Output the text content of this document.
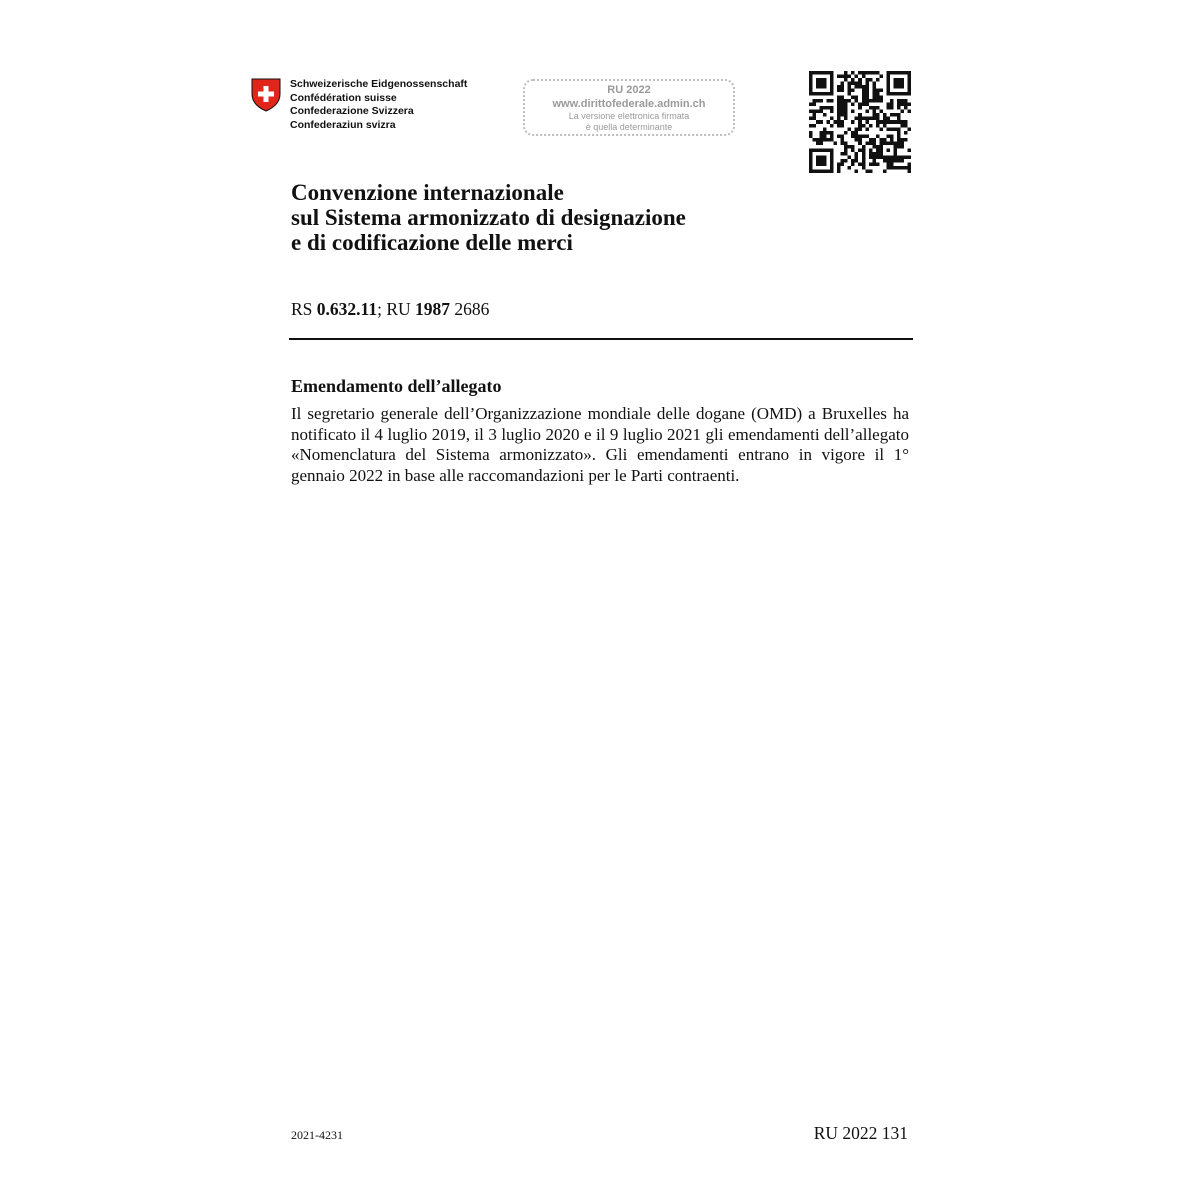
Schweizerische Eidgenossenschaft
Confédération suisse
Confederazione Svizzera
Confederaziun svizra
RU 2022
www.dirittofederale.admin.ch
La versione elettronica firmata
è quella determinante
Convenzione internazionale
sul Sistema armonizzato di designazione
e di codificazione delle merci
RS 0.632.11; RU 1987 2686
Emendamento dell’allegato

Il segretario generale dell’Organizzazione mondiale delle dogane (OMD) a Bruxelles ha notificato il 4 luglio 2019, il 3 luglio 2020 e il 9 luglio 2021 gli emendamenti dell’allegato «Nomenclatura del Sistema armonizzato». Gli emendamenti entrano in vigore il 1° gennaio 2022 in base alle raccomandazioni per le Parti contraenti.

2021-4231	RU 2022 131
